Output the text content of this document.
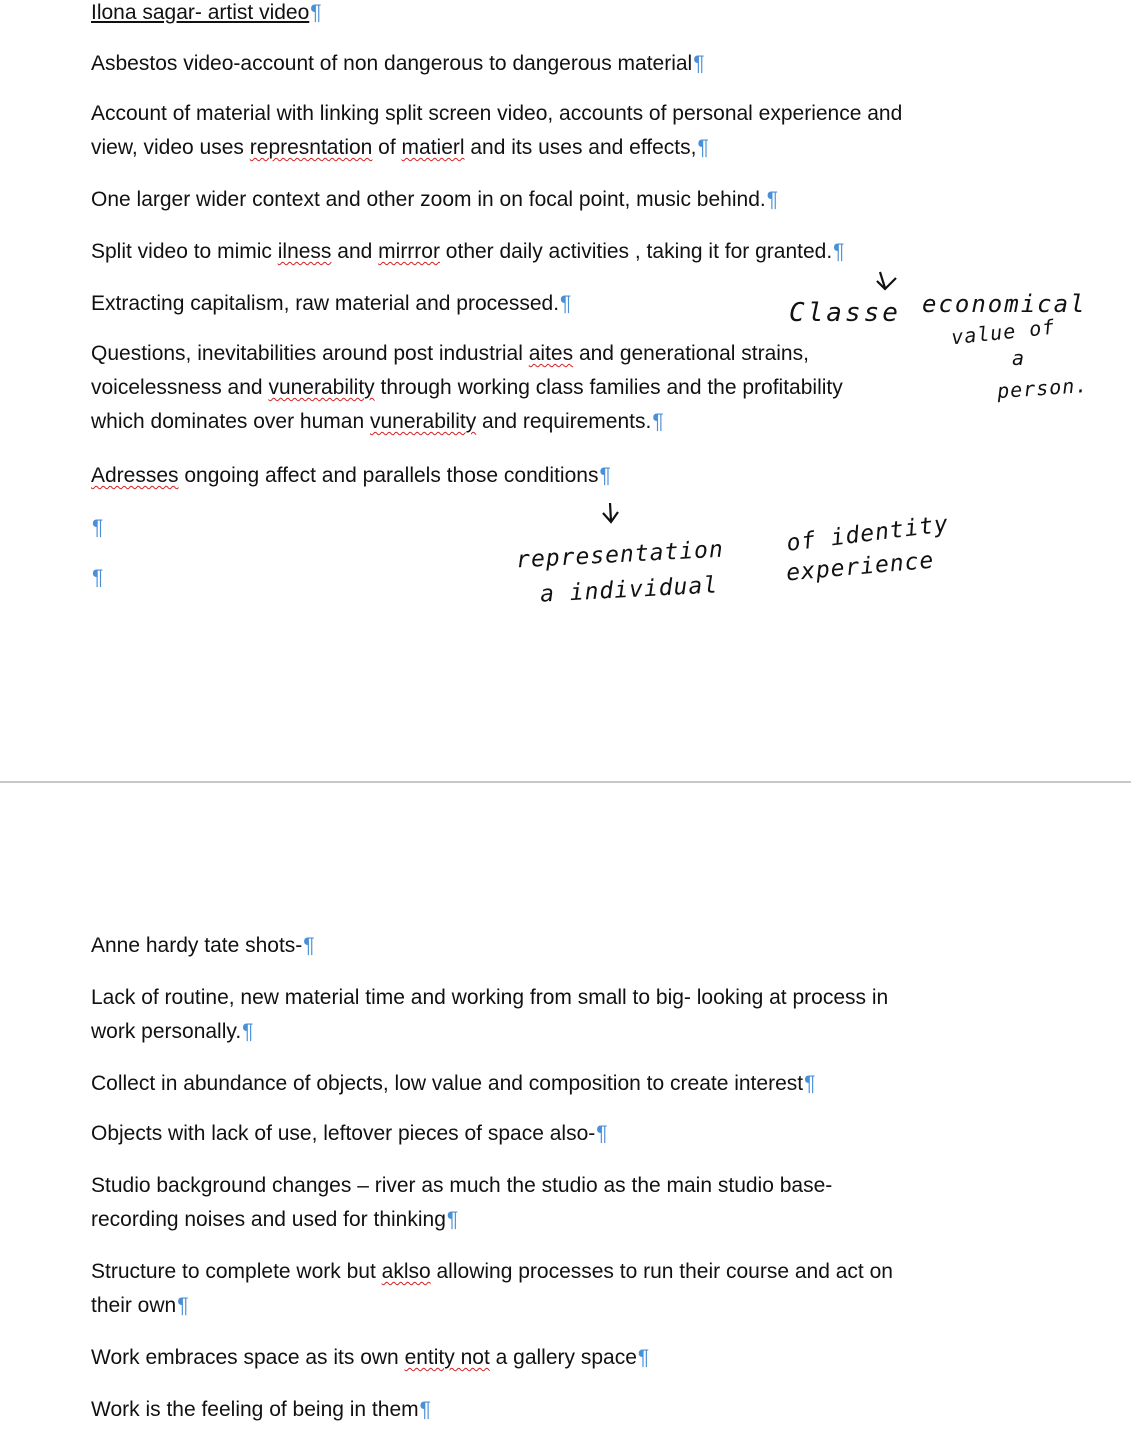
Ilona sagar- artist video¶
Asbestos video-account of non dangerous to dangerous material¶
Account of material with linking split screen video, accounts of personal experience and
view, video uses represntation of matierl and its uses and effects,¶
One larger wider context and other zoom in on focal point, music behind.¶
Split video to mimic ilness and mirrror other daily activities , taking it for granted.¶
Extracting capitalism, raw material and processed.¶
Questions, inevitabilities around post industrial aites and generational strains,
voicelessness and vunerability through working class families and the profitability
which dominates over human vunerability and requirements.¶
Adresses ongoing affect and parallels those conditions¶
¶
¶
Classe economical
value of
a
person.
representation
a individual
of identity
experience
Anne hardy tate shots-¶
Lack of routine, new material time and working from small to big- looking at process in
work personally.¶
Collect in abundance of objects, low value and composition to create interest¶
Objects with lack of use, leftover pieces of space also-¶
Studio background changes – river as much the studio as the main studio base-
recording noises and used for thinking¶
Structure to complete work but aklso allowing processes to run their course and act on
their own¶
Work embraces space as its own entity not a gallery space¶
Work is the feeling of being in them¶
